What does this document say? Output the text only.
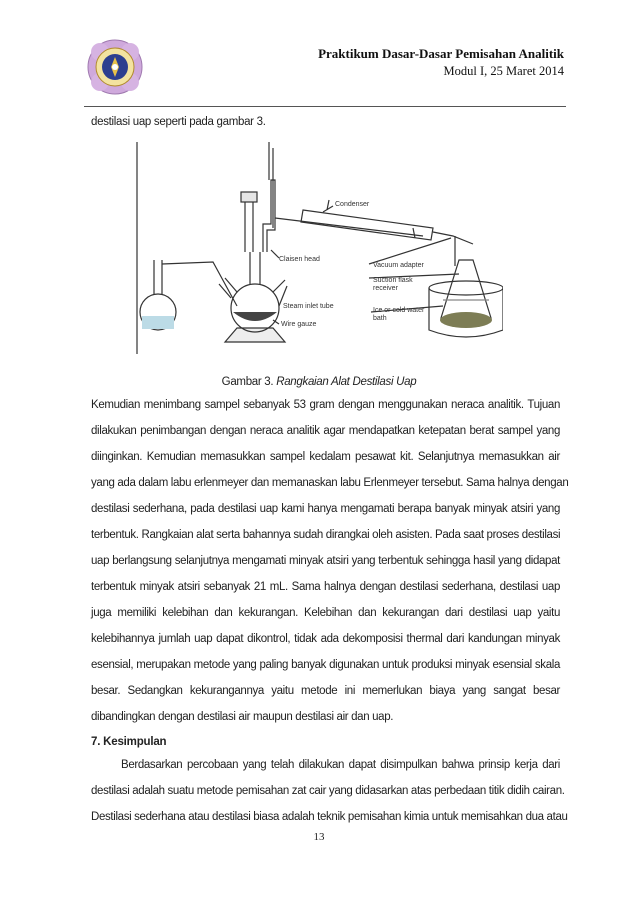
Praktikum Dasar-Dasar Pemisahan Analitik
Modul I, 25 Maret 2014
destilasi uap seperti pada gambar 3.
Condenser
Claisen head
Vacuum adapter
Suction flask
receiver
Steam inlet tube
Wire gauze
Ice or cold water
bath
Gambar 3. Rangkaian Alat Destilasi Uap
Kemudian menimbang sampel sebanyak 53 gram dengan menggunakan neraca analitik. Tujuan
dilakukan penimbangan dengan neraca analitik agar mendapatkan ketepatan berat sampel yang
diinginkan. Kemudian memasukkan sampel kedalam pesawat kit. Selanjutnya memasukkan air
yang ada dalam labu erlenmeyer dan memanaskan labu Erlenmeyer tersebut. Sama halnya dengan
destilasi sederhana, pada destilasi uap kami hanya mengamati berapa banyak minyak atsiri yang
terbentuk. Rangkaian alat serta bahannya sudah dirangkai oleh asisten. Pada saat proses destilasi
uap berlangsung selanjutnya mengamati minyak atsiri yang terbentuk sehingga hasil yang didapat
terbentuk minyak atsiri sebanyak 21 mL. Sama halnya dengan destilasi sederhana, destilasi uap
juga memiliki kelebihan dan kekurangan. Kelebihan dan kekurangan dari destilasi uap yaitu
kelebihannya jumlah uap dapat dikontrol, tidak ada dekomposisi thermal dari kandungan minyak
esensial, merupakan metode yang paling banyak digunakan untuk produksi minyak esensial skala
besar. Sedangkan kekurangannya yaitu metode ini memerlukan biaya yang sangat besar
dibandingkan dengan destilasi air maupun destilasi air dan uap.
7. Kesimpulan
Berdasarkan percobaan yang telah dilakukan dapat disimpulkan bahwa prinsip kerja dari
destilasi adalah suatu metode pemisahan zat cair yang didasarkan atas perbedaan titik didih cairan.
Destilasi sederhana atau destilasi biasa adalah teknik pemisahan kimia untuk memisahkan dua atau
13
